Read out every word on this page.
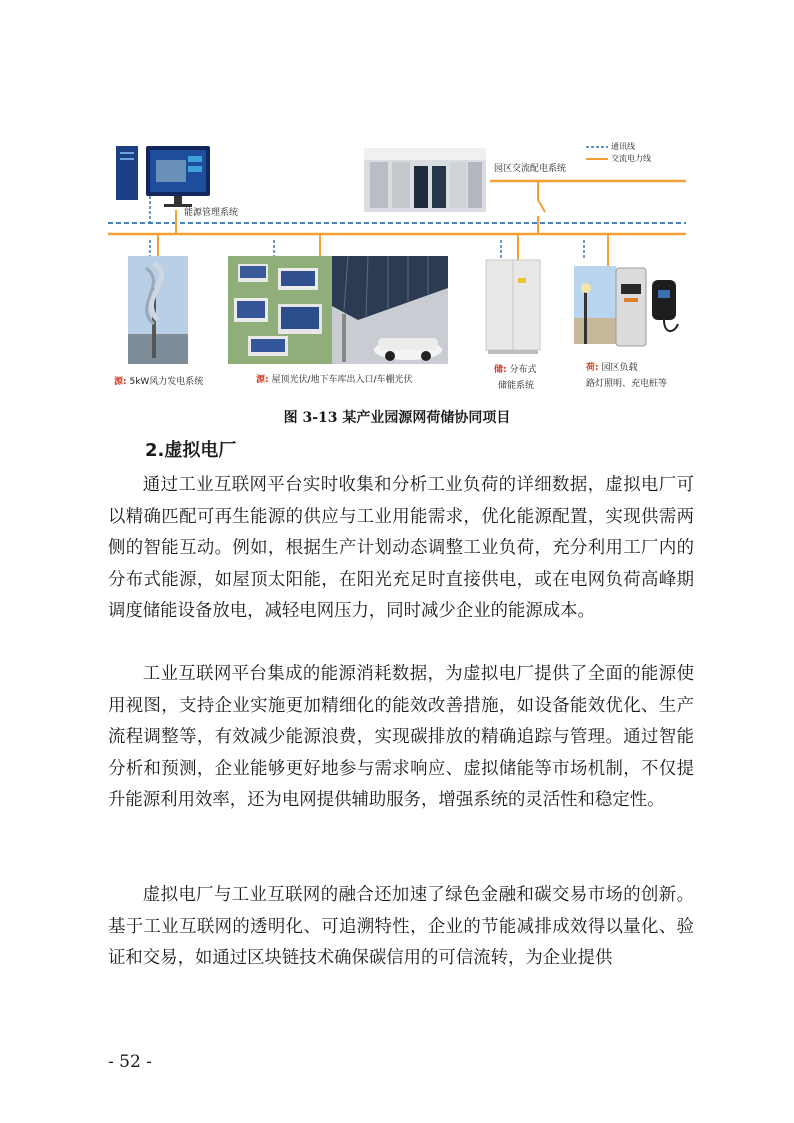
能源管理系统
园区交流配电系统
通讯线
交流电力线
源: 5kW风力发电系统	源: 屋顶光伏/地下车库出入口/车棚光伏
储: 分布式
储能系统
荷: 园区负载
路灯照明、充电桩等
图 3-13 某产业园源网荷储协同项目
2.虚拟电厂

通过工业互联网平台实时收集和分析工业负荷的详细数据，虚拟电厂可以精确匹配可再生能源的供应与工业用能需求，优化能源配置，实现供需两侧的智能互动。例如，根据生产计划动态调整工业负荷，充分利用工厂内的分布式能源，如屋顶太阳能，在阳光充足时直接供电，或在电网负荷高峰期调度储能设备放电，减轻电网压力，同时减少企业的能源成本。

工业互联网平台集成的能源消耗数据，为虚拟电厂提供了全面的能源使用视图，支持企业实施更加精细化的能效改善措施，如设备能效优化、生产流程调整等，有效减少能源浪费，实现碳排放的精确追踪与管理。通过智能分析和预测，企业能够更好地参与需求响应、虚拟储能等市场机制，不仅提升能源利用效率，还为电网提供辅助服务，增强系统的灵活性和稳定性。

虚拟电厂与工业互联网的融合还加速了绿色金融和碳交易市场的创新。基于工业互联网的透明化、可追溯特性，企业的节能减排成效得以量化、验证和交易，如通过区块链技术确保碳信用的可信流转，为企业提供

- 52 -
